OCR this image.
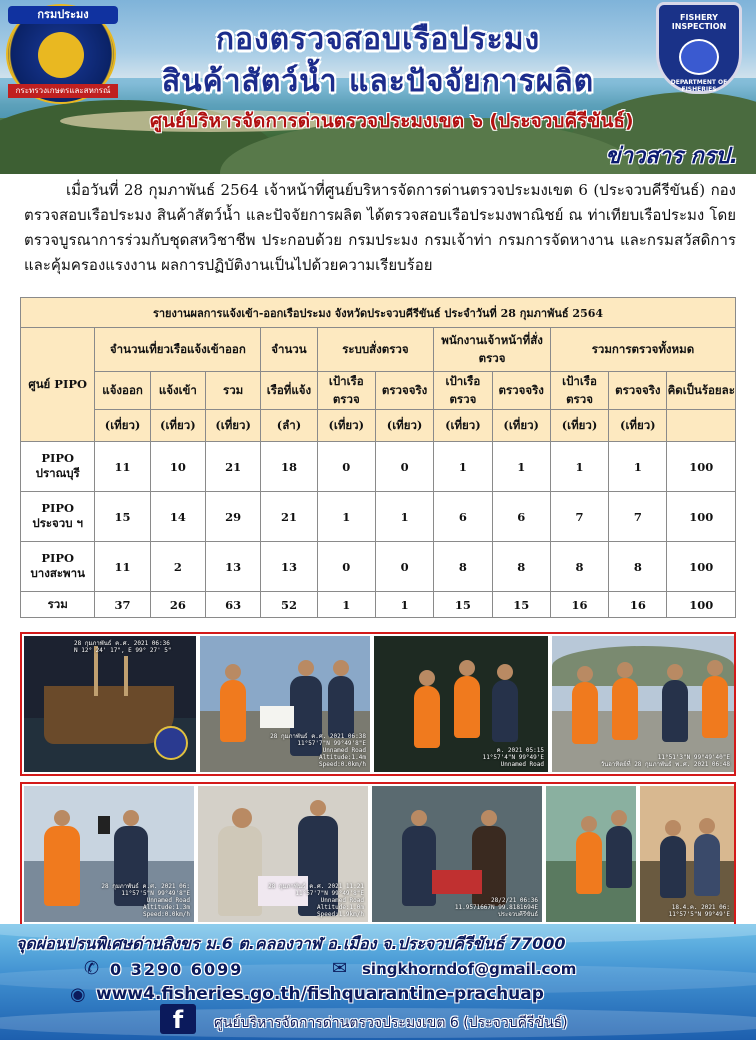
กรมประมง
กระทรวงเกษตรและสหกรณ์
FISHERY INSPECTION
DEPARTMENT OF FISHERIES
กองตรวจสอบเรือประมง
สินค้าสัตว์น้ำ และปัจจัยการผลิต
ศูนย์บริหารจัดการด่านตรวจประมงเขต ๖ (ประจวบคีรีขันธ์)
ข่าวสาร กรป.

เมื่อวันที่ 28 กุมภาพันธ์ 2564 เจ้าหน้าที่ศูนย์บริหารจัดการด่านตรวจประมงเขต 6 (ประจวบคีรีขันธ์) กองตรวจสอบเรือประมง สินค้าสัตว์น้ำ และปัจจัยการผลิต ได้ตรวจสอบเรือประมงพาณิชย์ ณ ท่าเทียบเรือประมง โดยตรวจบูรณาการร่วมกับชุดสหวิชาชีพ ประกอบด้วย กรมประมง กรมเจ้าท่า กรมการจัดหางาน และกรมสวัสดิการและคุ้มครองแรงงาน ผลการปฏิบัติงานเป็นไปด้วยความเรียบร้อย

รายงานผลการแจ้งเข้า-ออกเรือประมง จังหวัดประจวบคีรีขันธ์ ประจำวันที่ 28 กุมภาพันธ์ 2564											
ศูนย์ PIPO	จำนวนเที่ยวเรือแจ้งเข้าออก			จำนวน	ระบบสั่งตรวจ		พนักงานเจ้าหน้าที่สั่งตรวจ		รวมการตรวจทั้งหมด		
	แจ้งออก	แจ้งเข้า	รวม	เรือที่แจ้ง	เป้าเรือตรวจ	ตรวจจริง	เป้าเรือตรวจ	ตรวจจริง	เป้าเรือตรวจ	ตรวจจริง	คิดเป็นร้อยละ
	(เที่ยว)	(เที่ยว)	(เที่ยว)	(ลำ)	(เที่ยว)	(เที่ยว)	(เที่ยว)	(เที่ยว)	(เที่ยว)	(เที่ยว)	
PIPO
ปราณบุรี	11	10	21	18	0	0	1	1	1	1	100
PIPO
ประจวบ ฯ	15	14	29	21	1	1	6	6	7	7	100
PIPO
บางสะพาน	11	2	13	13	0	0	8	8	8	8	100
รวม	37	26	63	52	1	1	15	15	16	16	100
28 กุมภาพันธ์ ค.ศ. 2021 06:36
N 12° 24' 17", E 99° 27' 5"
28 กุมภาพันธ์ ค.ศ. 2021 06:38
11°57'7"N 99°49'8"E
Unnamed Road
Altitude:1.4m
Speed:0.0km/h
ค. 2021 05:15
11°57'4"N 99°49'E
Unnamed Road
11°51'3"N 99°49'40"E
วันอาทิตย์ที่ 28 กุมภาพันธ์ พ.ศ. 2021 06:48
28 กุมภาพันธ์ ค.ศ. 2021 06:
11°57'5"N 99°49'8"E
Unnamed Road
Altitude:1.3m
Speed:0.0km/h
28 กุมภาพันธ์ ค.ศ. 2021 11:21
11°57'7"N 99°49'8"E
Unnamed Road
Altitude:1.0m
Speed:1.9km/h
28/2/21 06:36
11.9571667N 99.8181694E
ประจวบคีรีขันธ์
18.4.ค. 2021 06:
11°57'5"N 99°49'E
จุดผ่อนปรนพิเศษด่านสิงขร ม.6 ต.คลองวาฬ อ.เมือง จ.ประจวบคีรีขันธ์ 77000
✆ 0 3290 6099	✉ singkhorndof@gmail.com
◉ www4.fisheries.go.th/fishquarantine-prachuap
f	ศูนย์บริหารจัดการด่านตรวจประมงเขต 6 (ประจวบคีรีขันธ์)
